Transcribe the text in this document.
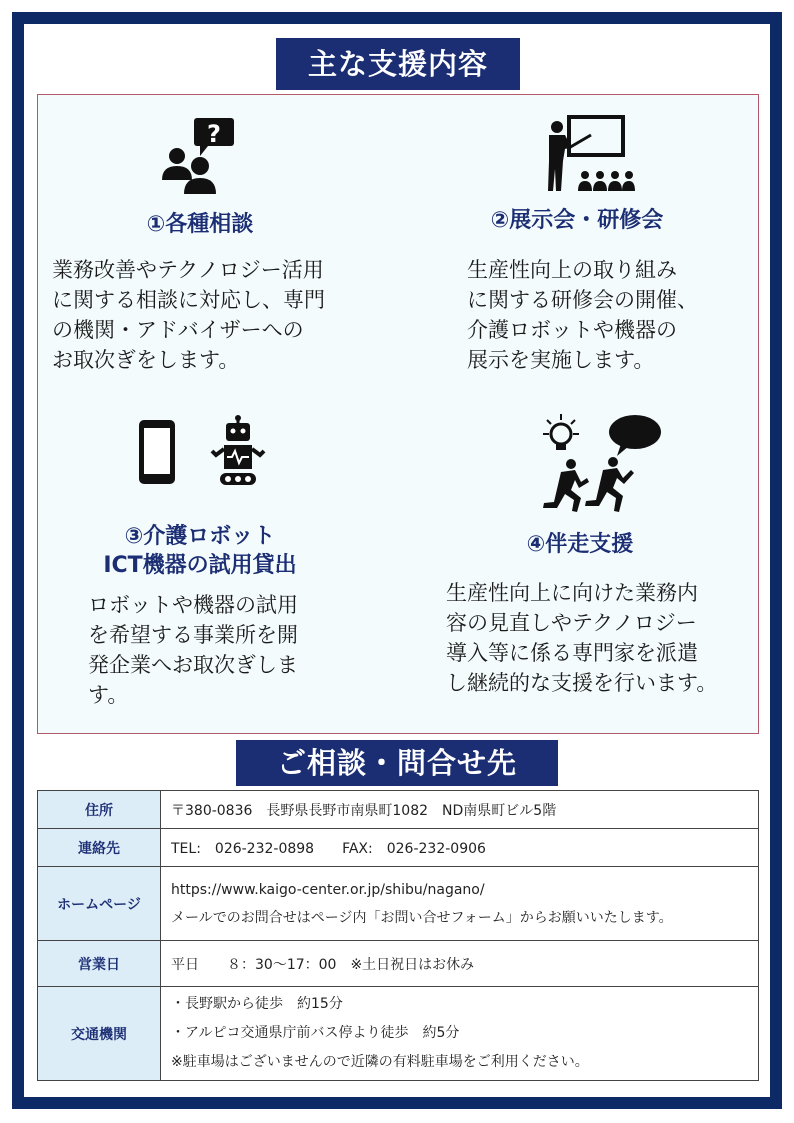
主な支援内容
?
①各種相談
業務改善やテクノロジー活用
に関する相談に対応し、専門
の機関・アドバイザーへの
お取次ぎをします。
②展示会・研修会
生産性向上の取り組み
に関する研修会の開催、
介護ロボットや機器の
展示を実施します。
③介護ロボット
ICT機器の試用貸出
ロボットや機器の試用
を希望する事業所を開
発企業へお取次ぎしま
す。
④伴走支援
生産性向上に向けた業務内
容の見直しやテクノロジー
導入等に係る専門家を派遣
し継続的な支援を行います。
ご相談・問合せ先
住所	〒380-0836　長野県長野市南県町1082　ND南県町ビル5階
連絡先	TEL:　026-232-0898　　FAX:　026-232-0906
ホームページ	https://www.kaigo-center.or.jp/shibu/nagano/
メールでのお問合せはページ内「お問い合せフォーム」からお願いいたします。

営業日	平日　　８：30〜17：00　※土日祝日はお休み
交通機関	・長野駅から徒歩　約15分
・アルピコ交通県庁前バス停より徒歩　約5分
※駐車場はございませんので近隣の有料駐車場をご利用ください。
